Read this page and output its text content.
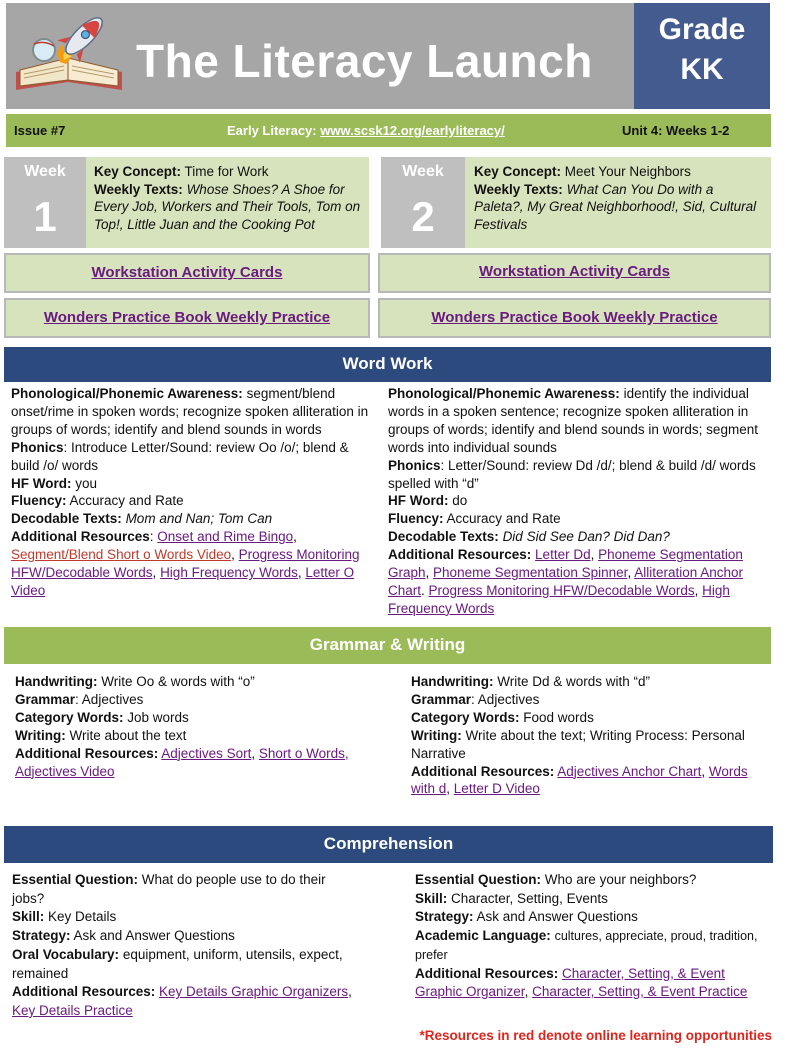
The Literacy Launch
Grade
KK
Issue #7	Early Literacy: www.scsk12.org/earlyliteracy/	Unit 4: Weeks 1-2
Week
1
Key Concept: Time for Work
Weekly Texts: Whose Shoes? A Shoe for Every Job, Workers and Their Tools, Tom on Top!, Little Juan and the Cooking Pot
Week
2
Key Concept: Meet Your Neighbors
Weekly Texts: What Can You Do with a Paleta?, My Great Neighborhood!, Sid, Cultural Festivals
Workstation Activity Cards	Workstation Activity Cards
Wonders Practice Book Weekly Practice	Wonders Practice Book Weekly Practice
Word Work
Phonological/Phonemic Awareness: segment/blend onset/rime in spoken words; recognize spoken alliteration in groups of words; identify and blend sounds in words
Phonics: Introduce Letter/Sound: review Oo /o/; blend & build /o/ words
HF Word: you
Fluency: Accuracy and Rate
Decodable Texts: Mom and Nan; Tom Can
Additional Resources: Onset and Rime Bingo, Segment/Blend Short o Words Video, Progress Monitoring HFW/Decodable Words, High Frequency Words, Letter O Video
Phonological/Phonemic Awareness: identify the individual words in a spoken sentence; recognize spoken alliteration in groups of words; identify and blend sounds in words; segment words into individual sounds
Phonics: Letter/Sound: review Dd /d/; blend & build /d/ words spelled with “d”
HF Word: do
Fluency: Accuracy and Rate
Decodable Texts: Did Sid See Dan? Did Dan?
Additional Resources: Letter Dd, Phoneme Segmentation Graph, Phoneme Segmentation Spinner, Alliteration Anchor Chart. Progress Monitoring HFW/Decodable Words, High Frequency Words
Grammar & Writing
Handwriting: Write Oo & words with “o”
Grammar: Adjectives
Category Words: Job words
Writing: Write about the text
Additional Resources: Adjectives Sort, Short o Words, Adjectives Video
Handwriting: Write Dd & words with “d”
Grammar: Adjectives
Category Words: Food words
Writing: Write about the text; Writing Process: Personal Narrative
Additional Resources: Adjectives Anchor Chart, Words with d, Letter D Video
Comprehension
Essential Question: What do people use to do their jobs?
Skill: Key Details
Strategy: Ask and Answer Questions
Oral Vocabulary: equipment, uniform, utensils, expect, remained
Additional Resources: Key Details Graphic Organizers, Key Details Practice
Essential Question: Who are your neighbors?
Skill: Character, Setting, Events
Strategy: Ask and Answer Questions
Academic Language: cultures, appreciate, proud, tradition, prefer
Additional Resources: Character, Setting, & Event Graphic Organizer, Character, Setting, & Event Practice
*Resources in red denote online learning opportunities
